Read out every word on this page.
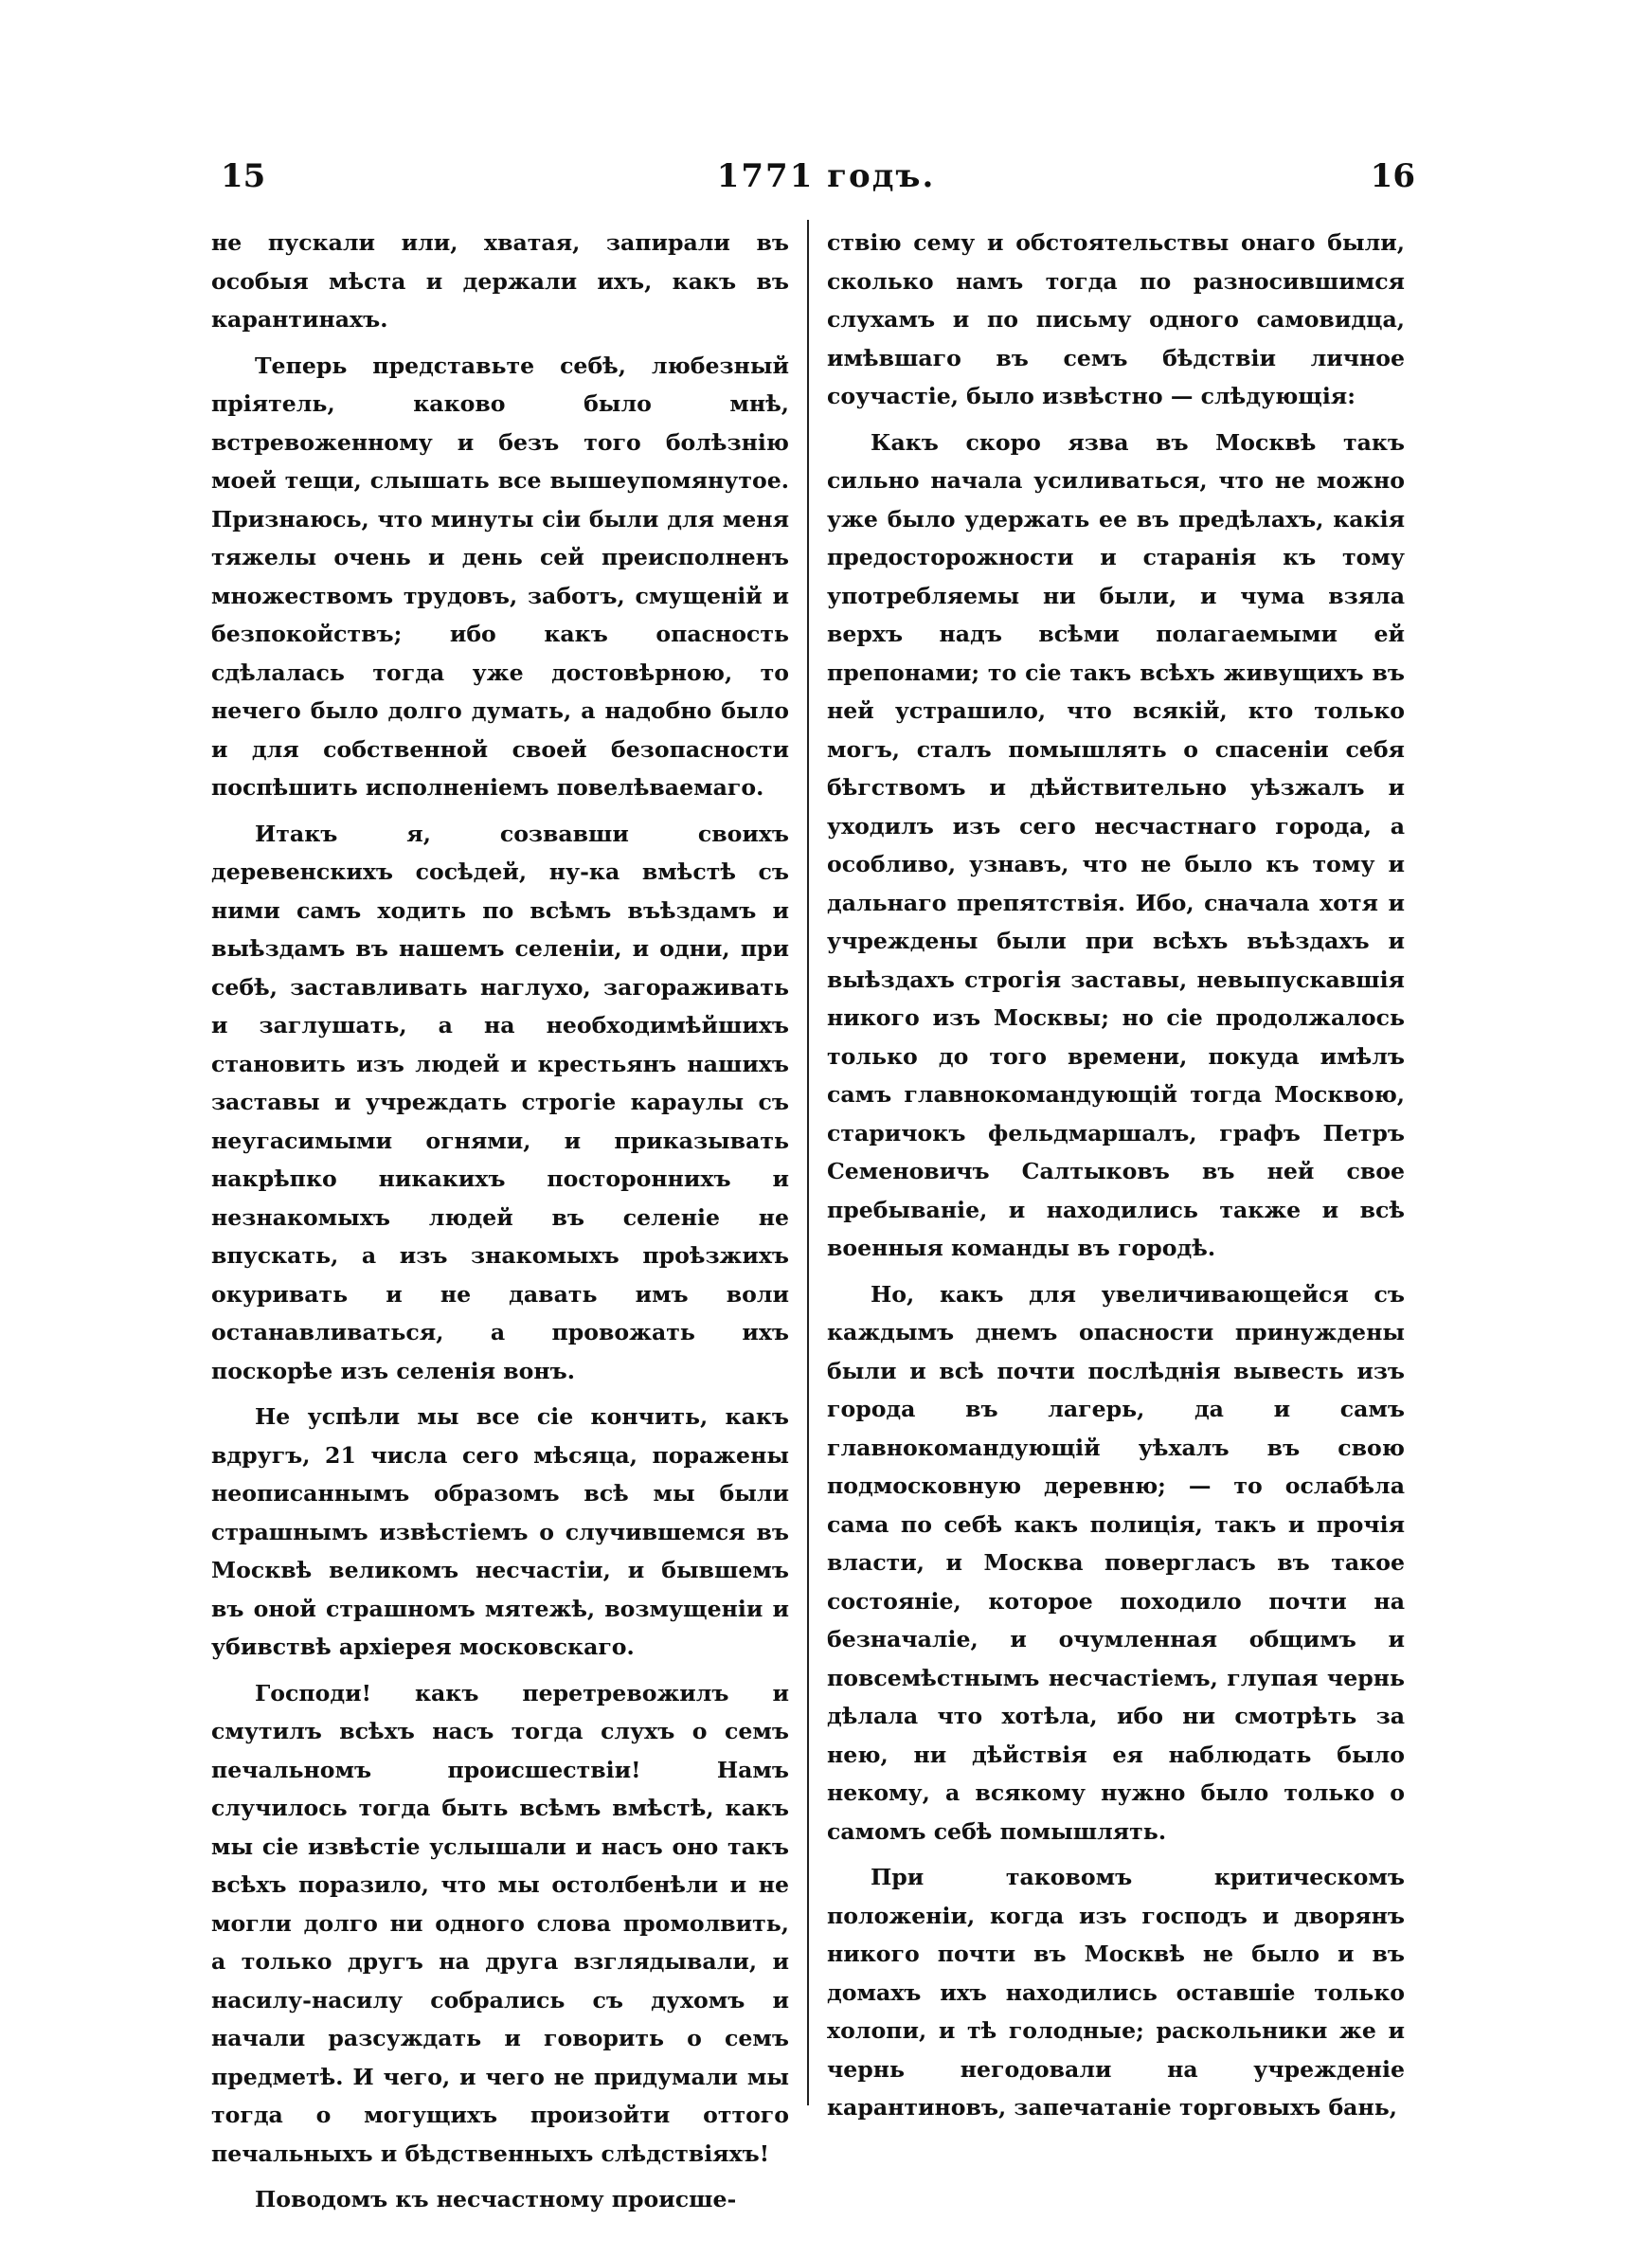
1771 годъ.
15	16

не пускали или, хватая, запирали въ особыя мѣста и держали ихъ, какъ въ карантинахъ.

Теперь представьте себѣ, любезный пріятель, каково было мнѣ, встревоженному и безъ того болѣзнію моей тещи, слышать все вышеупомянутое. Признаюсь, что минуты сіи были для меня тяжелы очень и день сей преисполненъ множествомъ трудовъ, заботъ, смущеній и безпокойствъ; ибо какъ опасность сдѣлалась тогда уже достовѣрною, то нечего было долго думать, а надобно было и для собственной своей безопасности поспѣшить исполненіемъ повелѣваемаго.

Итакъ я, созвавши своихъ деревенскихъ сосѣдей, ну-ка вмѣстѣ съ ними самъ ходить по всѣмъ въѣздамъ и выѣздамъ въ нашемъ селеніи, и одни, при себѣ, заставливать наглухо, загораживать и заглушать, а на необходимѣйшихъ становить изъ людей и крестьянъ нашихъ заставы и учреждать строгіе караулы съ неугасимыми огнями, и приказывать накрѣпко никакихъ постороннихъ и незнакомыхъ людей въ селеніе не впускать, а изъ знакомыхъ проѣзжихъ окуривать и не давать имъ воли останавливаться, а провожать ихъ поскорѣе изъ селенія вонъ.

Не успѣли мы все сіе кончить, какъ вдругъ, 21 числа сего мѣсяца, поражены неописаннымъ образомъ всѣ мы были страшнымъ извѣстіемъ о случившемся въ Москвѣ великомъ несчастіи, и бывшемъ въ оной страшномъ мятежѣ, возмущеніи и убивствѣ архіерея московскаго.

Господи! какъ перетревожилъ и смутилъ всѣхъ насъ тогда слухъ о семъ печальномъ происшествіи! Намъ случилось тогда быть всѣмъ вмѣстѣ, какъ мы сіе извѣстіе услышали и насъ оно такъ всѣхъ поразило, что мы остолбенѣли и не могли долго ни одного слова промолвить, а только другъ на друга взглядывали, и насилу-насилу собрались съ духомъ и начали разсуждать и говорить о семъ предметѣ. И чего, и чего не придумали мы тогда о могущихъ произойти оттого печальныхъ и бѣдственныхъ слѣдствіяхъ!

Поводомъ къ несчастному происше-

ствію сему и обстоятельствы онаго были, сколько намъ тогда по разносившимся слухамъ и по письму одного самовидца, имѣвшаго въ семъ бѣдствіи личное соучастіе, было извѣстно — слѣдующія:

Какъ скоро язва въ Москвѣ такъ сильно начала усиливаться, что не можно уже было удержать ее въ предѣлахъ, какія предосторожности и старанія къ тому употребляемы ни были, и чума взяла верхъ надъ всѣми полагаемыми ей препонами; то сіе такъ всѣхъ живущихъ въ ней устрашило, что всякій, кто только могъ, сталъ помышлять о спасеніи себя бѣгствомъ и дѣйствительно уѣзжалъ и уходилъ изъ сего несчастнаго города, а особливо, узнавъ, что не было къ тому и дальнаго препятствія. Ибо, сначала хотя и учреждены были при всѣхъ въѣздахъ и выѣздахъ строгія заставы, невыпускавшія никого изъ Москвы; но сіе продолжалось только до того времени, покуда имѣлъ самъ главнокомандующій тогда Москвою, старичокъ фельдмаршалъ, графъ Петръ Семеновичъ Салтыковъ въ ней свое пребываніе, и находились также и всѣ военныя команды въ городѣ.

Но, какъ для увеличивающейся съ каждымъ днемъ опасности принуждены были и всѣ почти послѣднія вывесть изъ города въ лагерь, да и самъ главнокомандующій уѣхалъ въ свою подмосковную деревню; — то ослабѣла сама по себѣ какъ полиція, такъ и прочія власти, и Москва повергласъ въ такое состояніе, которое походило почти на безначаліе, и очумленная общимъ и повсемѣстнымъ несчастіемъ, глупая чернь дѣлала что хотѣла, ибо ни смотрѣть за нею, ни дѣйствія ея наблюдать было некому, а всякому нужно было только о самомъ себѣ помышлять.

При таковомъ критическомъ положеніи, когда изъ господъ и дворянъ никого почти въ Москвѣ не было и въ домахъ ихъ находились оставшіе только холопи, и тѣ голодные; раскольники же и чернь негодовали на учрежденіе карантиновъ, запечатаніе торговыхъ бань,
